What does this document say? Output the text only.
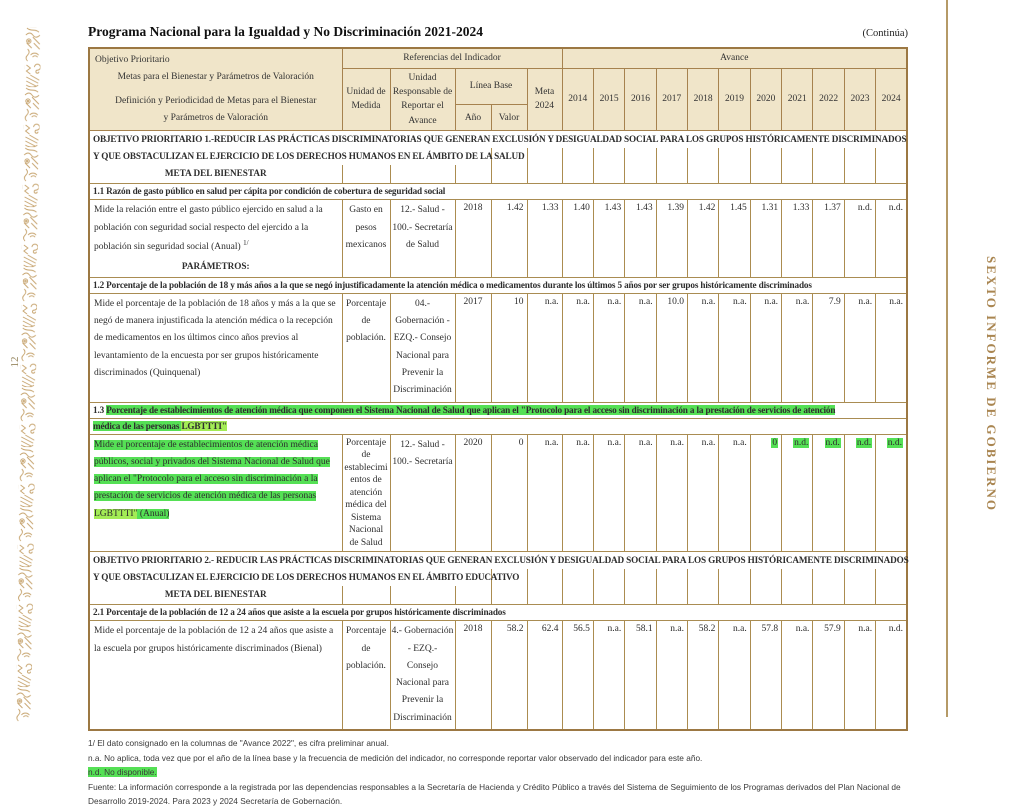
12	SEXTO INFORME DE GOBIERNO
Programa Nacional para la Igualdad y No Discriminación 2021-2024	(Continúa)
Objetivo Prioritario
Metas para el Bienestar y Parámetros de Valoración
Definición y Periodicidad de Metas para el Bienestar
y Parámetros de Valoración	Referencias del Indicador					Avance										
	Unidad de Medida	Unidad Responsable de Reportar el Avance	Línea Base		Meta 2024	2014	2015	2016	2017	2018	2019	2020	2021	2022	2023	2024
			Año	Valor												
OBJETIVO PRIORITARIO 1.-REDUCIR LAS PRÁCTICAS DISCRIMINATORIAS QUE GENERAN EXCLUSIÓN Y DESIGUALDAD SOCIAL PARA LOS GRUPOS HISTÓRICAMENTE DISCRIMINADOS																
Y QUE OBSTACULIZAN EL EJERCICIO DE LOS DERECHOS HUMANOS EN EL ÁMBITO DE LA SALUD																
META DEL BIENESTAR																
1.1 Razón de gasto público en salud per cápita por condición de cobertura de seguridad social																
Mide la relación entre el gasto público ejercido en salud a la población con seguridad social respecto del ejercido a la población sin seguridad social (Anual) $^{1/}$	Gasto en pesos mexicanos	12.- Salud - 100.- Secretaría de Salud	2018	1.42	1.33	1.40	1.43	1.43	1.39	1.42	1.45	1.31	1.33	1.37	n.d.	n.d.
PARÁMETROS:																
1.2 Porcentaje de la población de 18 y más años a la que se negó injustificadamente la atención médica o medicamentos durante los últimos 5 años por ser grupos históricamente discriminados																
Mide el porcentaje de la población de 18 años y más a la que se negó de manera injustificada la atención médica o la recepción de medicamentos en los últimos cinco años previos al levantamiento de la encuesta por ser grupos históricamente discriminados (Quinquenal)	Porcentaje de población.	04.- Gobernación - EZQ.- Consejo Nacional para Prevenir la Discriminación	2017	10	n.a.	n.a.	n.a.	n.a.	10.0	n.a.	n.a.	n.a.	n.a.	7.9	n.a.	n.a.
1.3 Porcentaje de establecimientos de atención médica que componen el Sistema Nacional de Salud que aplican el "Protocolo para el acceso sin discriminación a la prestación de servicios de atención																
médica de las personas LGBTTTI"																
Mide el porcentaje de establecimientos de atención médica públicos, social y privados del Sistema Nacional de Salud que aplican el "Protocolo para el acceso sin discriminación a la prestación de servicios de atención médica de las personas LGBTTTI" (Anual)	Porcentaje de establecimientos de atención médica del Sistema Nacional de Salud	12.- Salud - 100.- Secretaría	2020	0	n.a.	n.a.	n.a.	n.a.	n.a.	n.a.	n.a.	0	n.d.	n.d.	n.d.	n.d.
OBJETIVO PRIORITARIO 2.- REDUCIR LAS PRÁCTICAS DISCRIMINATORIAS QUE GENERAN EXCLUSIÓN Y DESIGUALDAD SOCIAL PARA LOS GRUPOS HISTÓRICAMENTE DISCRIMINADOS																
Y QUE OBSTACULIZAN EL EJERCICIO DE LOS DERECHOS HUMANOS EN EL ÁMBITO EDUCATIVO																
META DEL BIENESTAR																
2.1 Porcentaje de la población de 12 a 24 años que asiste a la escuela por grupos históricamente discriminados																
Mide el porcentaje de la población de 12 a 24 años que asiste a la escuela por grupos históricamente discriminados (Bienal)	Porcentaje de población.	4.- Gobernación - EZQ.- Consejo Nacional para Prevenir la Discriminación	2018	58.2	62.4	56.5	n.a.	58.1	n.a.	58.2	n.a.	57.8	n.a.	57.9	n.a.	n.d.
1/ El dato consignado en la columnas de "Avance 2022", es cifra preliminar anual.
n.a. No aplica, toda vez que por el año de la línea base y la frecuencia de medición del indicador, no corresponde reportar valor observado del indicador para este año.
n.d. No disponible.
Fuente: La información corresponde a la registrada por las dependencias responsables a la Secretaría de Hacienda y Crédito Público a través del Sistema de Seguimiento de los Programas derivados del Plan Nacional de Desarrollo 2019-2024. Para 2023 y 2024 Secretaría de Gobernación.
